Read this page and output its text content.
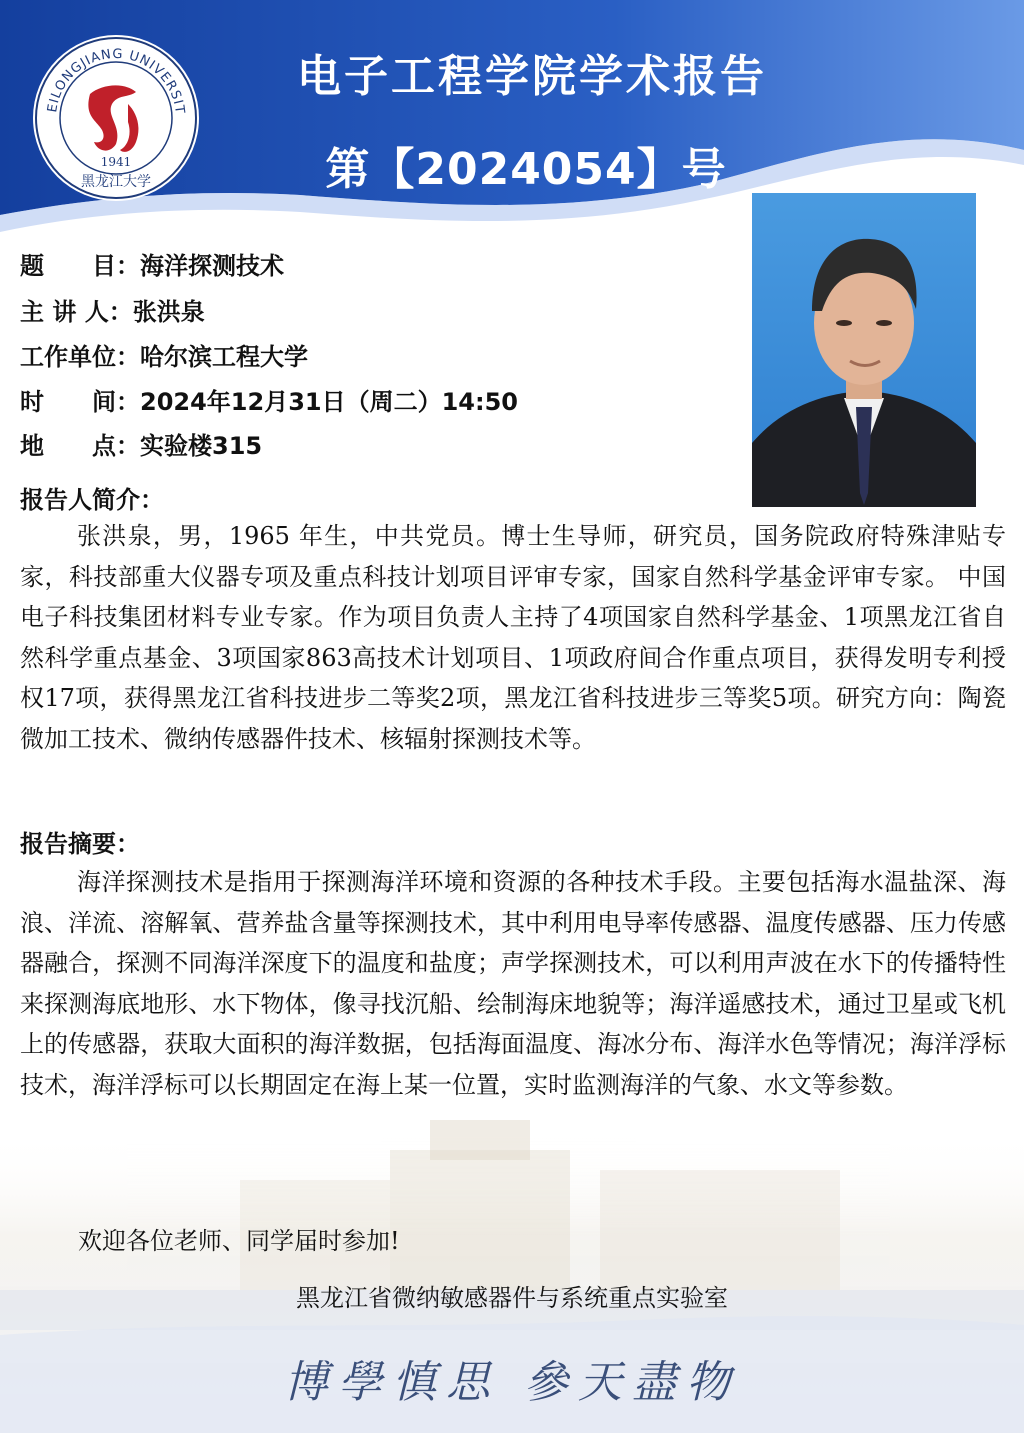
EILONGJIANG UNIVERSIT
1941
黑龙江大学
电子工程学院学术报告
第【2024054】号
题　　目：海洋探测技术
主 讲 人：张洪泉
工作单位：哈尔滨工程大学
时　　间：2024年12月31日（周二）14:50
地　　点：实验楼315
报告人简介：
张洪泉，男，1965 年生，中共党员。博士生导师，研究员，国务院政府特殊津贴专家，科技部重大仪器专项及重点科技计划项目评审专家，国家自然科学基金评审专家。 中国电子科技集团材料专业专家。作为项目负责人主持了4项国家自然科学基金、1项黑龙江省自然科学重点基金、3项国家863高技术计划项目、1项政府间合作重点项目，获得发明专利授权17项，获得黑龙江省科技进步二等奖2项，黑龙江省科技进步三等奖5项。研究方向：陶瓷微加工技术、微纳传感器件技术、核辐射探测技术等。
报告摘要：
海洋探测技术是指用于探测海洋环境和资源的各种技术手段。主要包括海水温盐深、海浪、洋流、溶解氧、营养盐含量等探测技术，其中利用电导率传感器、温度传感器、压力传感器融合，探测不同海洋深度下的温度和盐度；声学探测技术，可以利用声波在水下的传播特性来探测海底地形、水下物体，像寻找沉船、绘制海床地貌等；海洋遥感技术，通过卫星或飞机上的传感器，获取大面积的海洋数据，包括海面温度、海冰分布、海洋水色等情况；海洋浮标技术，海洋浮标可以长期固定在海上某一位置，实时监测海洋的气象、水文等参数。
欢迎各位老师、同学届时参加!
黑龙江省微纳敏感器件与系统重点实验室
博學慎思 參天盡物
